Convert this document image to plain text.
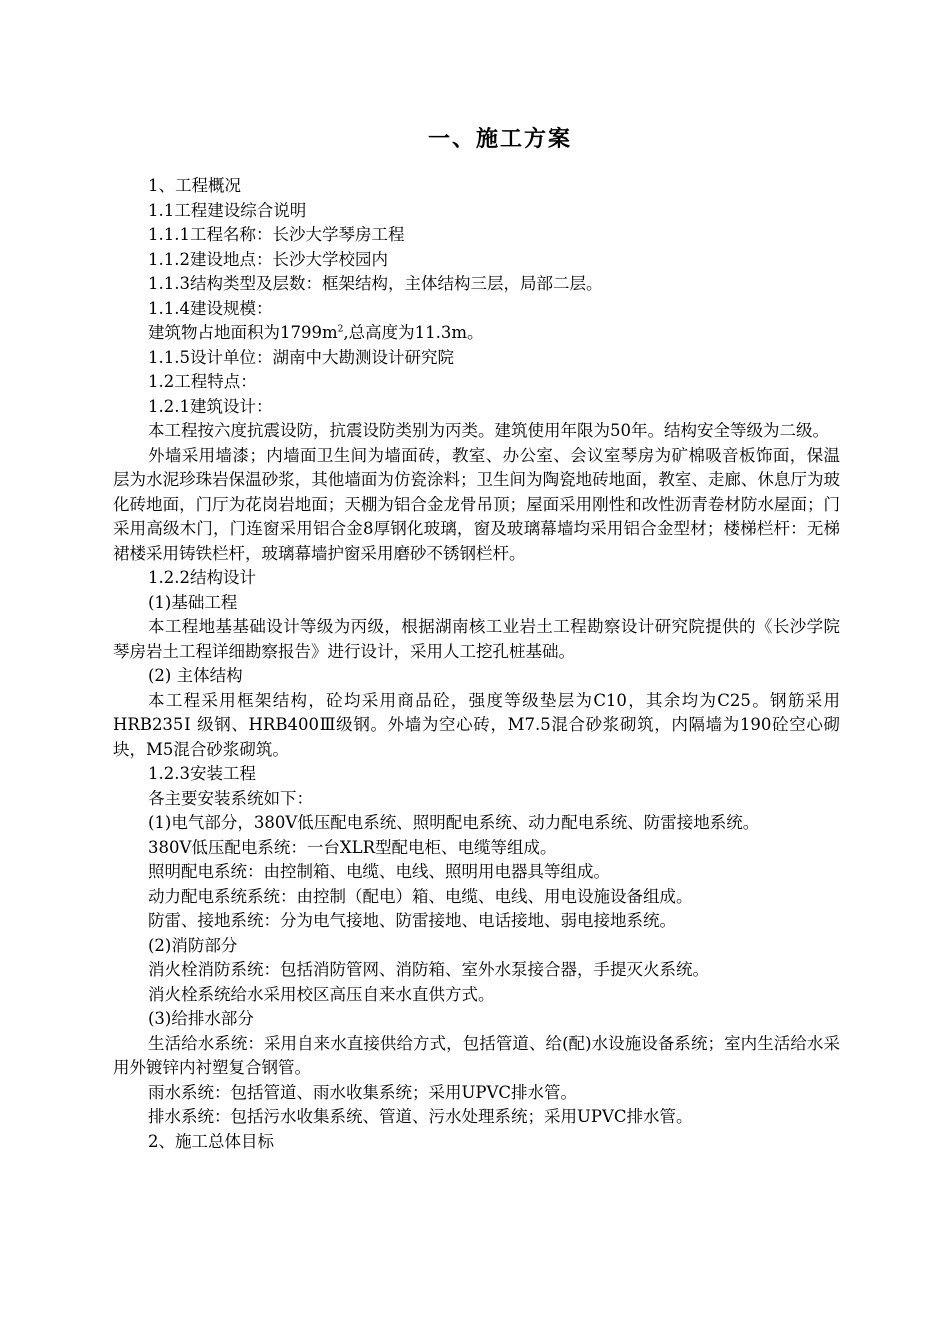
一、施工方案
1、工程概况
1.1工程建设综合说明
1.1.1工程名称：长沙大学琴房工程
1.1.2建设地点：长沙大学校园内
1.1.3结构类型及层数：框架结构，主体结构三层，局部二层。
1.1.4建设规模：
建筑物占地面积为$1799m^2$,总高度为11.3m。
1.1.5设计单位：湖南中大勘测设计研究院
1.2工程特点：
1.2.1建筑设计：

本工程按六度抗震设防，抗震设防类别为丙类。建筑使用年限为50年。结构安全等级为二级。

外墙采用墙漆；内墙面卫生间为墙面砖，教室、办公室、会议室琴房为矿棉吸音板饰面，保温层为水泥珍珠岩保温砂浆，其他墙面为仿瓷涂料；卫生间为陶瓷地砖地面，教室、走廊、休息厅为玻化砖地面，门厅为花岗岩地面；天棚为铝合金龙骨吊顶；屋面采用刚性和改性沥青卷材防水屋面；门采用高级木门，门连窗采用铝合金8厚钢化玻璃，窗及玻璃幕墙均采用铝合金型材；楼梯栏杆：无梯裙楼采用铸铁栏杆，玻璃幕墙护窗采用磨砂不锈钢栏杆。

1.2.2结构设计
(1)基础工程

本工程地基基础设计等级为丙级，根据湖南核工业岩土工程勘察设计研究院提供的《长沙学院琴房岩土工程详细勘察报告》进行设计，采用人工挖孔桩基础。

(2) 主体结构

本工程采用框架结构，砼均采用商品砼，强度等级垫层为C10，其余均为C25。钢筋采用HRB235Ⅰ 级钢、HRB400Ⅲ级钢。外墙为空心砖，M7.5混合砂浆砌筑，内隔墙为190砼空心砌块，M5混合砂浆砌筑。

1.2.3安装工程
各主要安装系统如下：
(1)电气部分，380V低压配电系统、照明配电系统、动力配电系统、防雷接地系统。
380V低压配电系统：一台XLR型配电柜、电缆等组成。
照明配电系统：由控制箱、电缆、电线、照明用电器具等组成。
动力配电系统系统：由控制（配电）箱、电缆、电线、用电设施设备组成。
防雷、接地系统：分为电气接地、防雷接地、电话接地、弱电接地系统。
(2)消防部分
消火栓消防系统：包括消防管网、消防箱、室外水泵接合器，手提灭火系统。
消火栓系统给水采用校区高压自来水直供方式。
(3)给排水部分

生活给水系统：采用自来水直接供给方式，包括管道、给(配)水设施设备系统；室内生活给水采用外镀锌内衬塑复合钢管。

雨水系统：包括管道、雨水收集系统；采用UPVC排水管。
排水系统：包括污水收集系统、管道、污水处理系统；采用UPVC排水管。
2、施工总体目标
